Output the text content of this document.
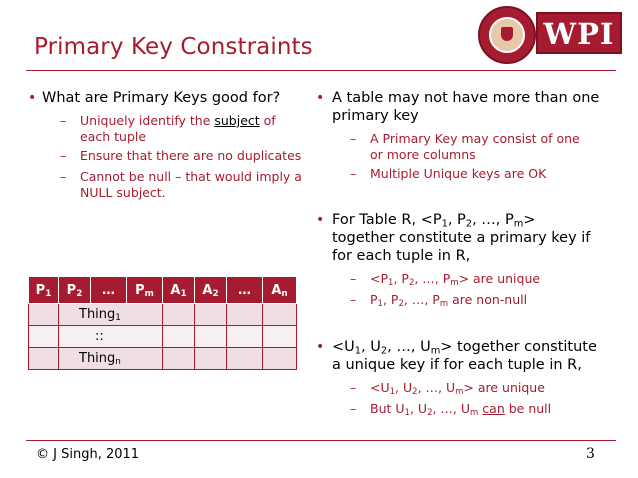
Primary Key Constraints	WPI
• What are Primary Keys good for?
– Uniquely identify the subject of
each tuple
– Ensure that there are no duplicates
– Cannot be null – that would imply a
NULL subject.
$P_1$	$P_2$	…	$P_m$	$A_1$	$A_2$	…	$A_n$
	Thing$_1$				
	::						
	Thing$_n$				
• A table may not have more than one
primary key
– A Primary Key may consist of one
or more columns
– Multiple Unique keys are OK
• For Table R, $<P_1$, $P_2$, …, $P_m>$
together constitute a primary key if
for each tuple in R,
– $<P_1$, $P_2$, …, $P_m>$ are unique
– $P_1$, $P_2$, …, $P_m$ are non-null
• $<U_1$, $U_2$, …, $U_m>$ together constitute
a unique key if for each tuple in R,
– $<U_1$, $U_2$, …, $U_m>$ are unique
– But $U_1$, $U_2$, …, $U_m$ can be null
© J Singh, 2011	3
